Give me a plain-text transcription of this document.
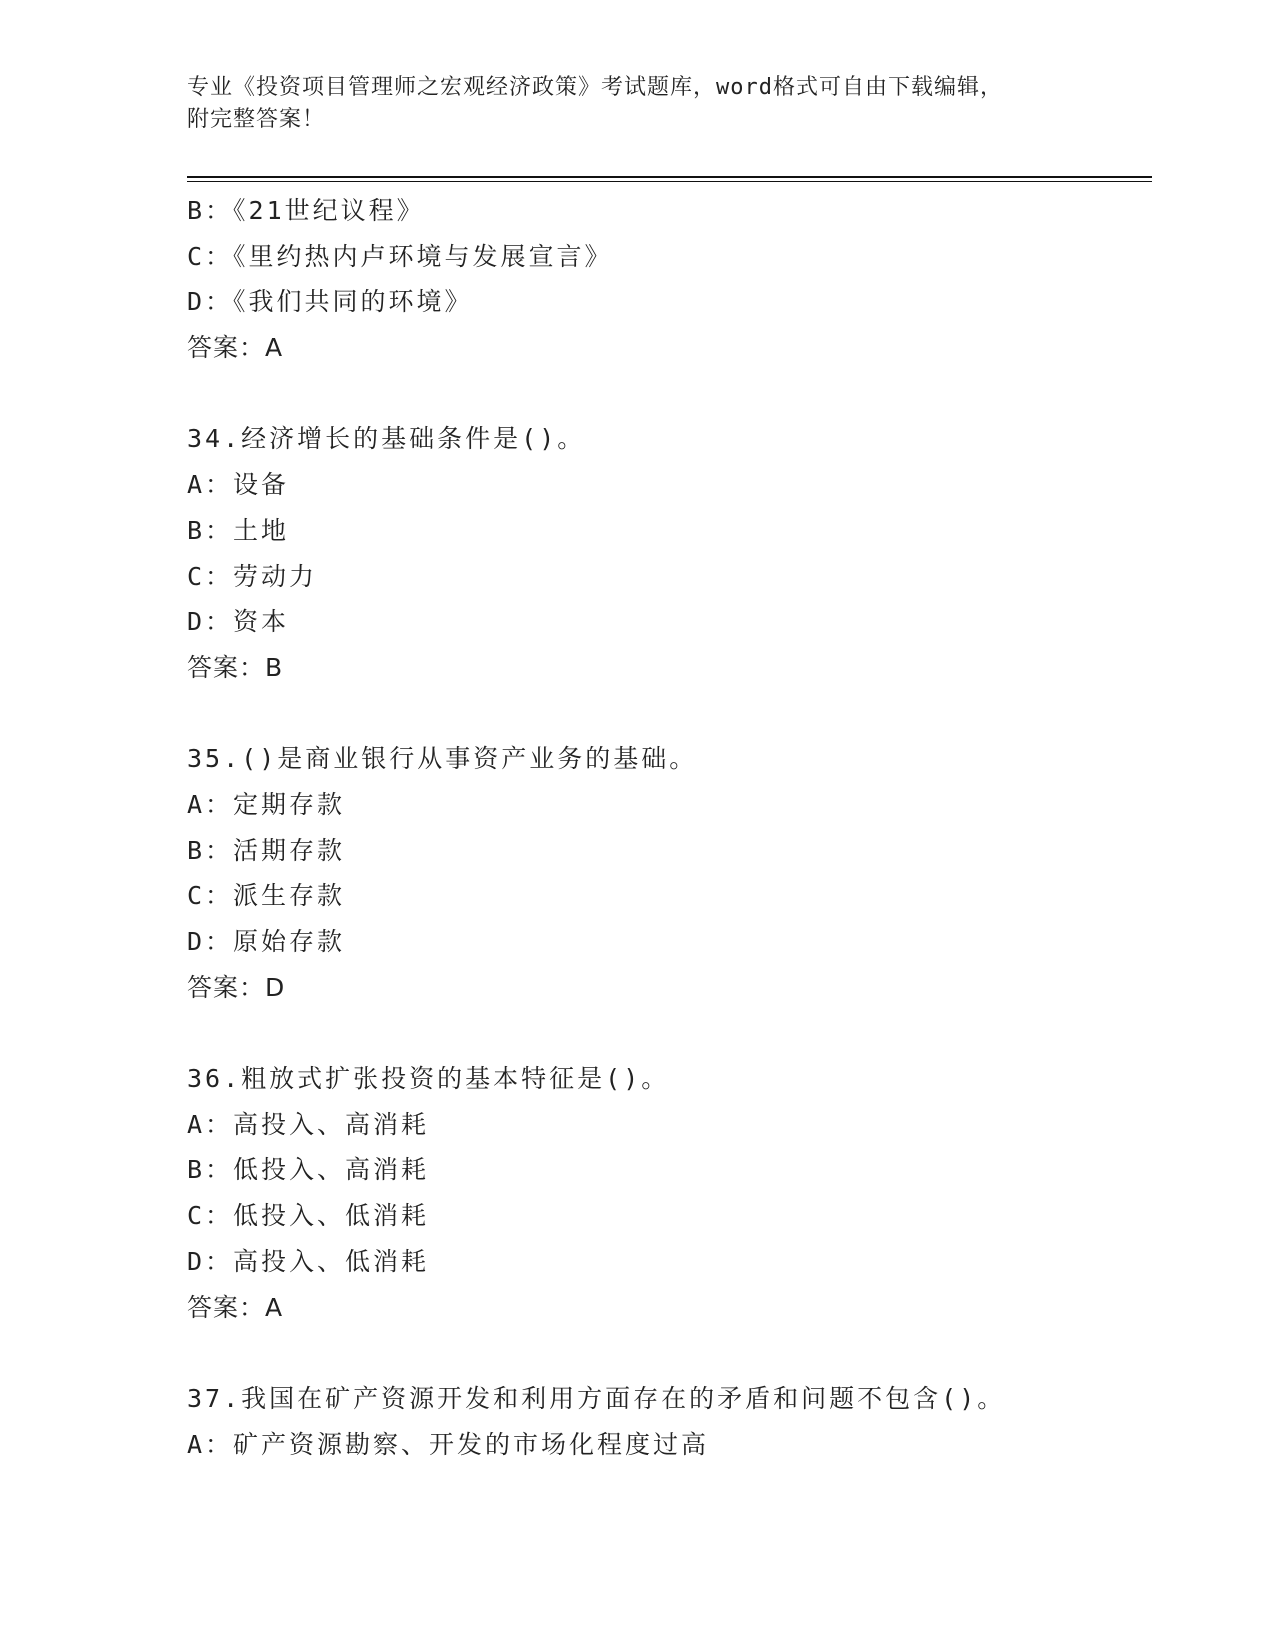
专业《投资项目管理师之宏观经济政策》考试题库，word格式可自由下载编辑，
附完整答案！
B：《21世纪议程》
C：《里约热内卢环境与发展宣言》
D：《我们共同的环境》
答案：A
34.经济增长的基础条件是()。
A：设备
B：土地
C：劳动力
D：资本
答案：B
35.()是商业银行从事资产业务的基础。
A：定期存款
B：活期存款
C：派生存款
D：原始存款
答案：D
36.粗放式扩张投资的基本特征是()。
A：高投入、高消耗
B：低投入、高消耗
C：低投入、低消耗
D：高投入、低消耗
答案：A
37.我国在矿产资源开发和利用方面存在的矛盾和问题不包含()。
A：矿产资源勘察、开发的市场化程度过高
